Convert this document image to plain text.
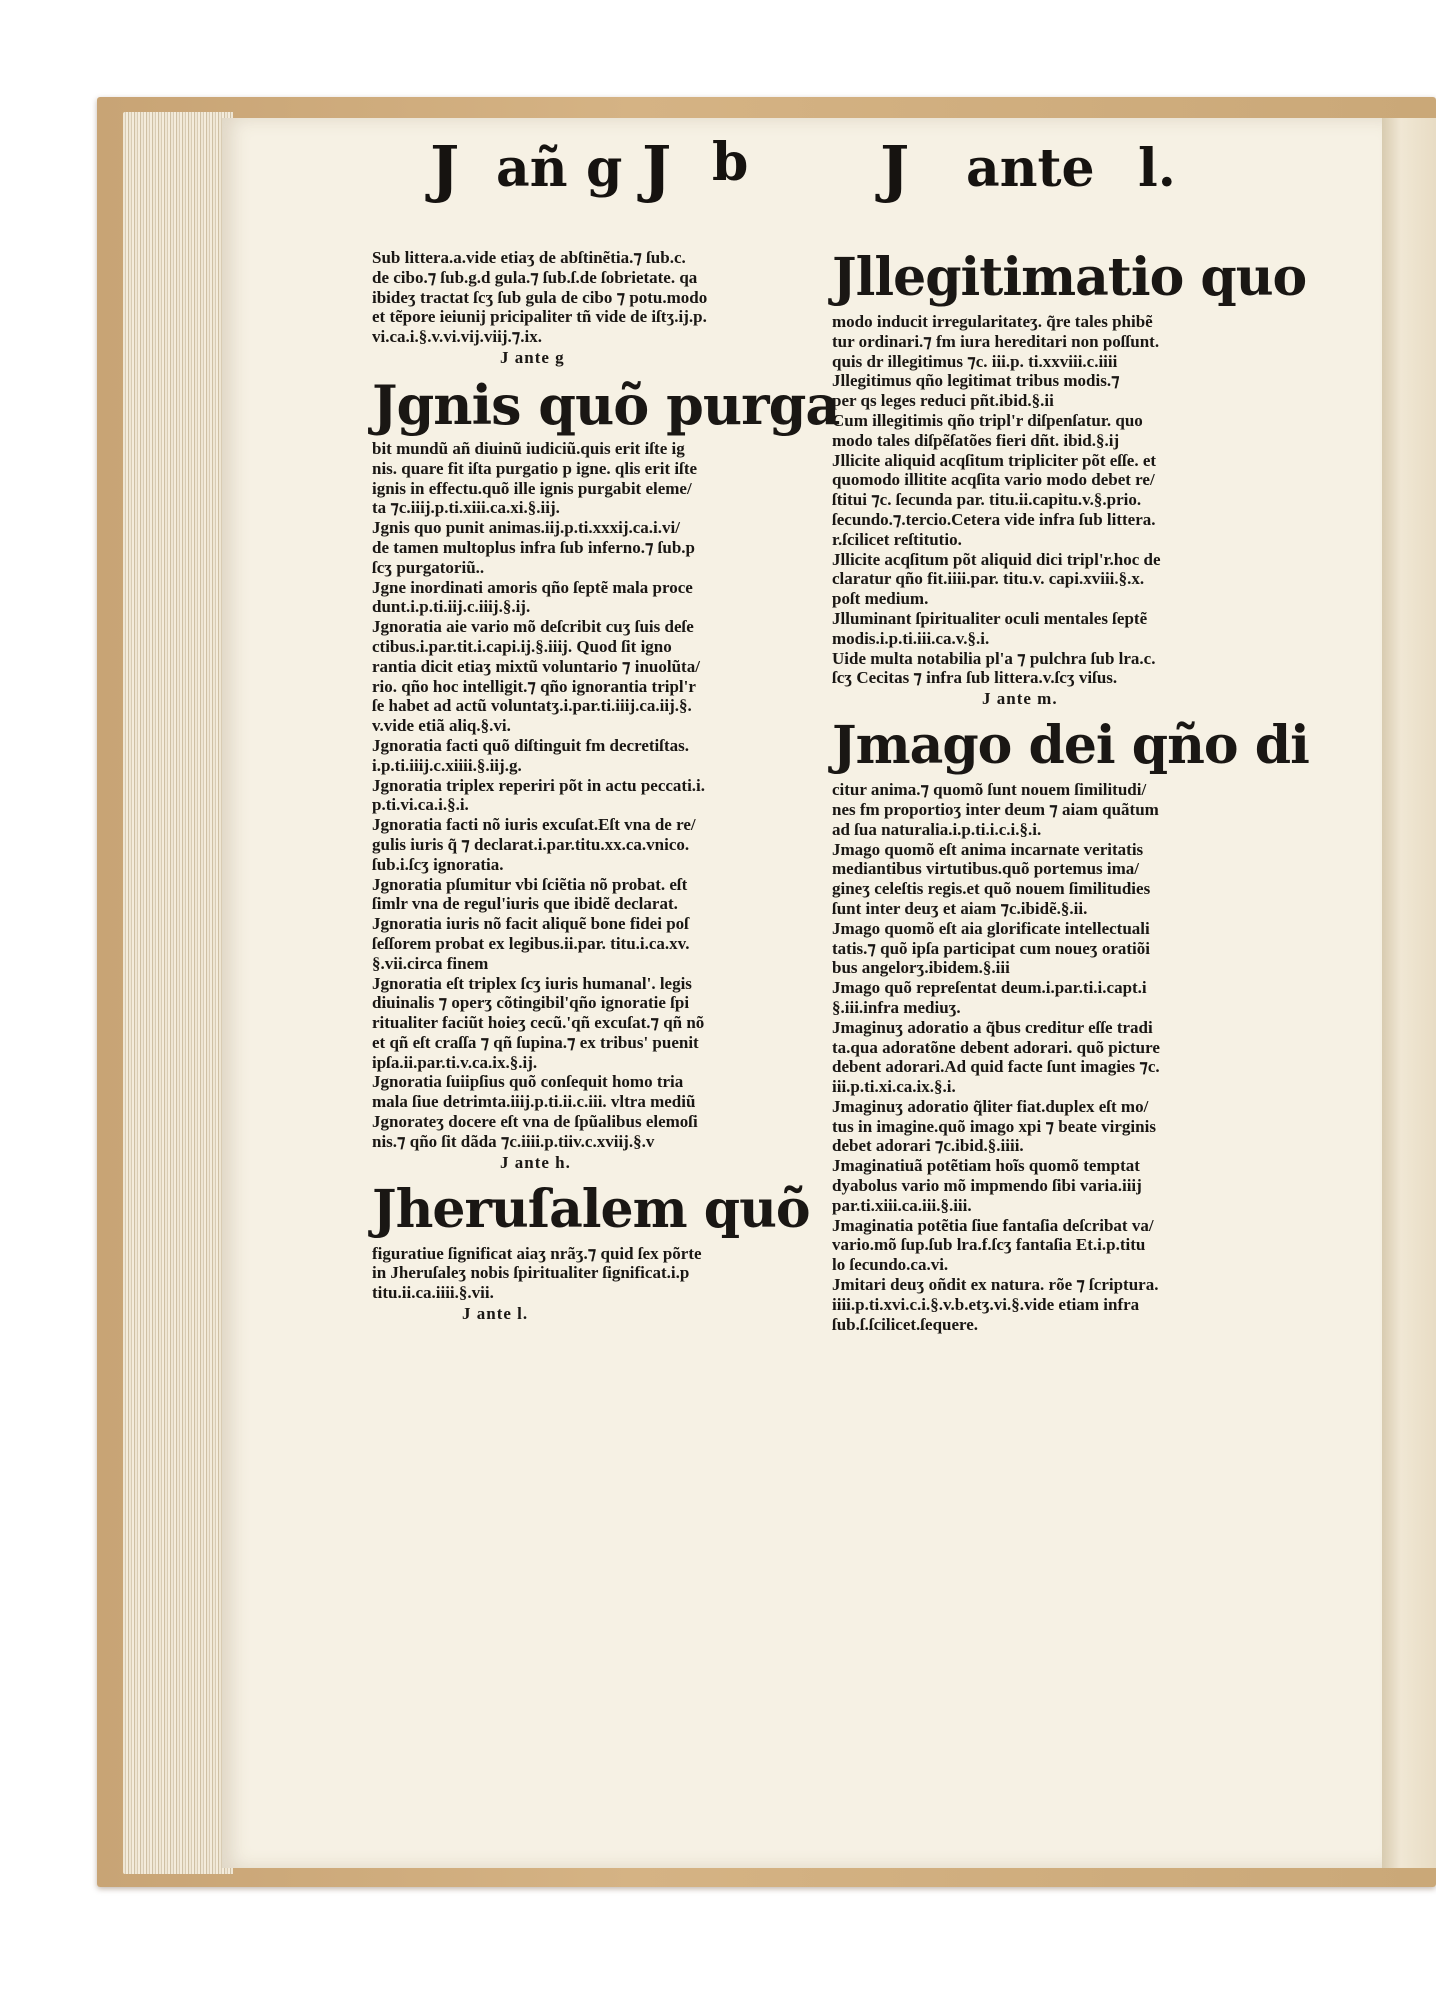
J añ g J b J ante l.

Sub littera.a.vide etiaʒ de abſtinẽtia.⁊ ſub.c.

de cibo.⁊ ſub.g.d gula.⁊ ſub.ſ.de ſobrietate. qa

ibideʒ tractat ſcʒ ſub gula de cibo ⁊ potu.modo

et tẽpore ieiunij pricipaliter tñ vide de iſtʒ.ij.p.

vi.ca.i.§.v.vi.vij.viij.⁊.ix.

J ante g

Jgnis quõ purga

bit mundũ añ diuinũ iudiciũ.quis erit iſte ig

nis. quare fit iſta purgatio p igne. qlis erit iſte

ignis in effectu.quõ ille ignis purgabit eleme/

ta ⁊c.iiij.p.ti.xiii.ca.xi.§.iij.

Jgnis quo punit animas.iij.p.ti.xxxij.ca.i.vi/

de tamen multoplus infra ſub inferno.⁊ ſub.p

ſcʒ purgatoriũ..

Jgne inordinati amoris qño ſeptẽ mala proce

dunt.i.p.ti.iij.c.iiij.§.ij.

Jgnoratia aie vario mõ deſcribit cuʒ ſuis deſe

ctibus.i.par.tit.i.capi.ij.§.iiij. Quod ſit igno

rantia dicit etiaʒ mixtũ voluntario ⁊ inuolũta/

rio. qño hoc intelligit.⁊ qño ignorantia tripl'r

ſe habet ad actũ voluntatʒ.i.par.ti.iiij.ca.iij.§.

v.vide etiã aliq.§.vi.

Jgnoratia facti quõ diſtinguit fm decretiſtas.

i.p.ti.iiij.c.xiiii.§.iij.g.

Jgnoratia triplex reperiri põt in actu peccati.i.

p.ti.vi.ca.i.§.i.

Jgnoratia facti nõ iuris excuſat.Eſt vna de re/

gulis iuris q̃ ⁊ declarat.i.par.titu.xx.ca.vnico.

ſub.i.ſcʒ ignoratia.

Jgnoratia pſumitur vbi ſciẽtia nõ probat. eſt

ſimlr vna de regul'iuris que ibidẽ declarat.

Jgnoratia iuris nõ facit aliquẽ bone fidei poſ

ſeſſorem probat ex legibus.ii.par. titu.i.ca.xv.

§.vii.circa finem

Jgnoratia eſt triplex ſcʒ iuris humanal'. legis

diuinalis ⁊ operʒ cõtingibil'qño ignoratie ſpi

ritualiter faciũt hoieʒ cecũ.'qñ excuſat.⁊ qñ nõ

et qñ eſt craſſa ⁊ qñ ſupina.⁊ ex tribus' puenit

ipſa.ii.par.ti.v.ca.ix.§.ij.

Jgnoratia ſuiipſius quõ conſequit homo tria

mala ſiue detrimta.iiij.p.ti.ii.c.iii. vltra mediũ

Jgnorateʒ docere eſt vna de ſpũalibus elemoſi

nis.⁊ qño ſit dãda ⁊c.iiii.p.tiiv.c.xviij.§.v

J ante h.

Jheruſalem quõ

figuratiue ſignificat aiaʒ nrãʒ.⁊ quid ſex põrte

in Jheruſaleʒ nobis ſpiritualiter ſignificat.i.p

titu.ii.ca.iiii.§.vii.

J ante l.

Jllegitimatio quo

modo inducit irregularitateʒ. q̃re tales phibẽ

tur ordinari.⁊ fm iura hereditari non poſſunt.

quis dr illegitimus ⁊c. iii.p. ti.xxviii.c.iiii

Jllegitimus qño legitimat tribus modis.⁊

per qs leges reduci pñt.ibid.§.ii

Cum illegitimis qño tripl'r diſpenſatur. quo

modo tales diſpẽſatões fieri dñt. ibid.§.ij

Jllicite aliquid acqſitum tripliciter põt eſſe. et

quomodo illitite acqſita vario modo debet re/

ſtitui ⁊c. ſecunda par. titu.ii.capitu.v.§.prio.

ſecundo.⁊.tercio.Cetera vide infra ſub littera.

r.ſcilicet reſtitutio.

Jllicite acqſitum põt aliquid dici tripl'r.hoc de

claratur qño fit.iiii.par. titu.v. capi.xviii.§.x.

poſt medium.

Jlluminant ſpiritualiter oculi mentales ſeptẽ

modis.i.p.ti.iii.ca.v.§.i.

Uide multa notabilia pl'a ⁊ pulchra ſub lra.c.

ſcʒ Cecitas ⁊ infra ſub littera.v.ſcʒ viſus.

J ante m.

Jmago dei qño di

citur anima.⁊ quomõ ſunt nouem ſimilitudi/

nes fm proportioʒ inter deum ⁊ aiam quãtum

ad ſua naturalia.i.p.ti.i.c.i.§.i.

Jmago quomõ eſt anima incarnate veritatis

mediantibus virtutibus.quõ portemus ima/

gineʒ celeſtis regis.et quõ nouem ſimilitudies

ſunt inter deuʒ et aiam ⁊c.ibidẽ.§.ii.

Jmago quomõ eſt aia glorificate intellectuali

tatis.⁊ quõ ipſa participat cum noueʒ oratiõi

bus angelorʒ.ibidem.§.iii

Jmago quõ repreſentat deum.i.par.ti.i.capt.i

§.iii.infra mediuʒ.

Jmaginuʒ adoratio a q̃bus creditur eſſe tradi

ta.qua adoratõne debent adorari. quõ picture

debent adorari.Ad quid facte ſunt imagies ⁊c.

iii.p.ti.xi.ca.ix.§.i.

Jmaginuʒ adoratio q̃liter fiat.duplex eſt mo/

tus in imagine.quõ imago xpi ⁊ beate virginis

debet adorari ⁊c.ibid.§.iiii.

Jmaginatiuã potẽtiam hoĩs quomõ temptat

dyabolus vario mõ impmendo ſibi varia.iiij

par.ti.xiii.ca.iii.§.iii.

Jmaginatia potẽtia ſiue fantaſia deſcribat va/

vario.mõ ſup.ſub lra.f.ſcʒ fantaſia Et.i.p.titu

lo ſecundo.ca.vi.

Jmitari deuʒ oñdit ex natura. rõe ⁊ ſcriptura.

iiii.p.ti.xvi.c.i.§.v.b.etʒ.vi.§.vide etiam infra

ſub.ſ.ſcilicet.ſequere.
